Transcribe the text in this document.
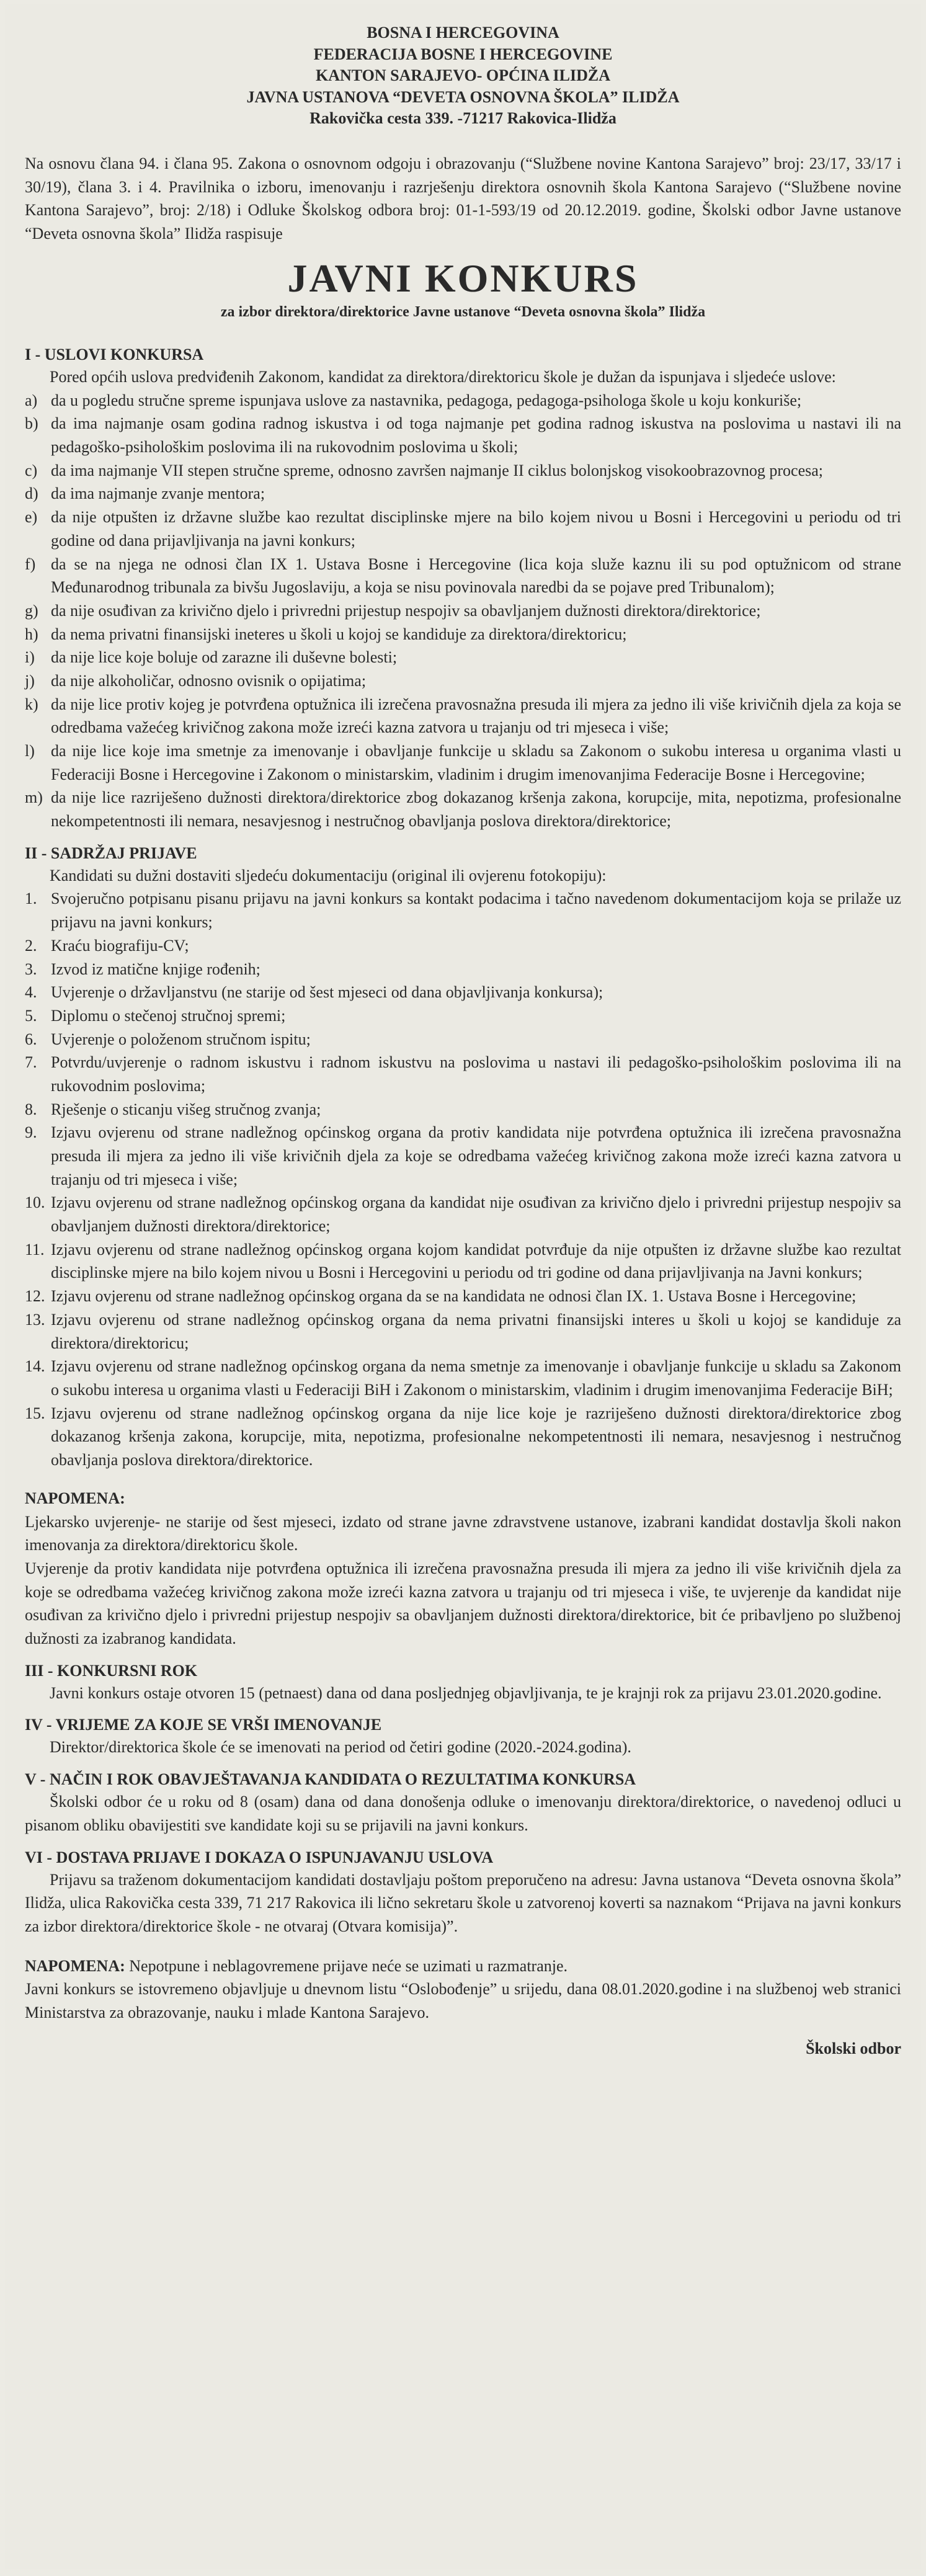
BOSNA I HERCEGOVINA
FEDERACIJA BOSNE I HERCEGOVINE
KANTON SARAJEVO- OPĆINA ILIDŽA
JAVNA USTANOVA “DEVETA OSNOVNA ŠKOLA” ILIDŽA
Rakovička cesta 339. -71217 Rakovica-Ilidža

Na osnovu člana 94. i člana 95. Zakona o osnovnom odgoju i obrazovanju (“Službene novine Kantona Sarajevo” broj: 23/17, 33/17 i 30/19), člana 3. i 4. Pravilnika o izboru, imenovanju i razrješenju direktora osnovnih škola Kantona Sarajevo (“Službene novine Kantona Sarajevo”, broj: 2/18) i Odluke Školskog odbora broj: 01-1-593/19 od 20.12.2019. godine, Školski odbor Javne ustanove “Deveta osnovna škola” Ilidža raspisuje

JAVNI KONKURS
za izbor direktora/direktorice Javne ustanove “Deveta osnovna škola” Ilidža
I - USLOVI KONKURSA

Pored općih uslova predviđenih Zakonom, kandidat za direktora/direktoricu škole je dužan da ispunjava i sljedeće uslove:

a) da u pogledu stručne spreme ispunjava uslove za nastavnika, pedagoga, pedagoga-psihologa škole u koju konkuriše;
b) da ima najmanje osam godina radnog iskustva i od toga najmanje pet godina radnog iskustva na poslovima u nastavi ili na pedagoško-psihološkim poslovima ili na rukovodnim poslovima u školi;
c) da ima najmanje VII stepen stručne spreme, odnosno završen najmanje II ciklus bolonjskog visokoobrazovnog procesa;
d) da ima najmanje zvanje mentora;
e) da nije otpušten iz državne službe kao rezultat disciplinske mjere na bilo kojem nivou u Bosni i Hercegovini u periodu od tri godine od dana prijavljivanja na javni konkurs;
f) da se na njega ne odnosi član IX 1. Ustava Bosne i Hercegovine (lica koja služe kaznu ili su pod optužnicom od strane Međunarodnog tribunala za bivšu Jugoslaviju, a koja se nisu povinovala naredbi da se pojave pred Tribunalom);
g) da nije osuđivan za krivično djelo i privredni prijestup nespojiv sa obavljanjem dužnosti direktora/direktorice;
h) da nema privatni finansijski ineteres u školi u kojoj se kandiduje za direktora/direktoricu;
i)	da nije lice koje boluje od zarazne ili duševne bolesti;
j)	da nije alkoholičar, odnosno ovisnik o opijatima;
k) da nije lice protiv kojeg je potvrđena optužnica ili izrečena pravosnažna presuda ili mjera za jedno ili više krivičnih djela za koja se odredbama važećeg krivičnog zakona može izreći kazna zatvora u trajanju od tri mjeseca i više;
l)	da nije lice koje ima smetnje za imenovanje i obavljanje funkcije u skladu sa Zakonom o sukobu interesa u organima vlasti u Federaciji Bosne i Hercegovine i Zakonom o ministarskim, vladinim i drugim imenovanjima Federacije Bosne i Hercegovine;
m) da nije lice razriješeno dužnosti direktora/direktorice zbog dokazanog kršenja zakona, korupcije, mita, nepotizma, profesionalne nekompetentnosti ili nemara, nesavjesnog i nestručnog obavljanja poslova direktora/direktorice;
II - SADRŽAJ PRIJAVE

Kandidati su dužni dostaviti sljedeću dokumentaciju (original ili ovjerenu fotokopiju):

1. Svojeručno potpisanu pisanu prijavu na javni konkurs sa kontakt podacima i tačno navedenom dokumentacijom koja se prilaže uz prijavu na javni konkurs;
2. Kraću biografiju-CV;
3. Izvod iz matične knjige rođenih;
4. Uvjerenje o državljanstvu (ne starije od šest mjeseci od dana objavljivanja konkursa);
5. Diplomu o stečenoj stručnoj spremi;
6. Uvjerenje o položenom stručnom ispitu;
7. Potvrdu/uvjerenje o radnom iskustvu i radnom iskustvu na poslovima u nastavi ili pedagoško-psihološkim poslovima ili na rukovodnim poslovima;
8. Rješenje o sticanju višeg stručnog zvanja;
9. Izjavu ovjerenu od strane nadležnog općinskog organa da protiv kandidata nije potvrđena optužnica ili izrečena pravosnažna presuda ili mjera za jedno ili više krivičnih djela za koje se odredbama važećeg krivičnog zakona može izreći kazna zatvora u trajanju od tri mjeseca i više;
10. Izjavu ovjerenu od strane nadležnog općinskog organa da kandidat nije osuđivan za krivično djelo i privredni prijestup nespojiv sa obavljanjem dužnosti direktora/direktorice;
11. Izjavu ovjerenu od strane nadležnog općinskog organa kojom kandidat potvrđuje da nije otpušten iz državne službe kao rezultat disciplinske mjere na bilo kojem nivou u Bosni i Hercegovini u periodu od tri godine od dana prijavljivanja na Javni konkurs;
12. Izjavu ovjerenu od strane nadležnog općinskog organa da se na kandidata ne odnosi član IX. 1. Ustava Bosne i Hercegovine;
13. Izjavu ovjerenu od strane nadležnog općinskog organa da nema privatni finansijski interes u školi u kojoj se kandiduje za direktora/direktoricu;
14. Izjavu ovjerenu od strane nadležnog općinskog organa da nema smetnje za imenovanje i obavljanje funkcije u skladu sa Zakonom o sukobu interesa u organima vlasti u Federaciji BiH i Zakonom o ministarskim, vladinim i drugim imenovanjima Federacije BiH;
15. Izjavu ovjerenu od strane nadležnog općinskog organa da nije lice koje je razriješeno dužnosti direktora/direktorice zbog dokazanog kršenja zakona, korupcije, mita, nepotizma, profesionalne nekompetentnosti ili nemara, nesavjesnog i nestručnog obavljanja poslova direktora/direktorice.
NAPOMENA:

Ljekarsko uvjerenje- ne starije od šest mjeseci, izdato od strane javne zdravstvene ustanove, izabrani kandidat dostavlja školi nakon imenovanja za direktora/direktoricu škole.

Uvjerenje da protiv kandidata nije potvrđena optužnica ili izrečena pravosnažna presuda ili mjera za jedno ili više krivičnih djela za koje se odredbama važećeg krivičnog zakona može izreći kazna zatvora u trajanju od tri mjeseca i više, te uvjerenje da kandidat nije osuđivan za krivično djelo i privredni prijestup nespojiv sa obavljanjem dužnosti direktora/direktorice, bit će pribavljeno po službenoj dužnosti za izabranog kandidata.

III - KONKURSNI ROK

Javni konkurs ostaje otvoren 15 (petnaest) dana od dana posljednjeg objavljivanja, te je krajnji rok za prijavu 23.01.2020.godine.

IV - VRIJEME ZA KOJE SE VRŠI IMENOVANJE

Direktor/direktorica škole će se imenovati na period od četiri godine (2020.-2024.godina).

V - NAČIN I ROK OBAVJEŠTAVANJA KANDIDATA O REZULTATIMA KONKURSA

Školski odbor će u roku od 8 (osam) dana od dana donošenja odluke o imenovanju direktora/direktorice, o navedenoj odluci u pisanom obliku obavijestiti sve kandidate koji su se prijavili na javni konkurs.

VI - DOSTAVA PRIJAVE I DOKAZA O ISPUNJAVANJU USLOVA

Prijavu sa traženom dokumentacijom kandidati dostavljaju poštom preporučeno na adresu: Javna ustanova “Deveta osnovna škola” Ilidža, ulica Rakovička cesta 339, 71 217 Rakovica ili lično sekretaru škole u zatvorenoj koverti sa naznakom “Prijava na javni konkurs za izbor direktora/direktorice škole - ne otvaraj (Otvara komisija)”.

NAPOMENA: Nepotpune i neblagovremene prijave neće se uzimati u razmatranje.

Javni konkurs se istovremeno objavljuje u dnevnom listu “Oslobođenje” u srijedu, dana 08.01.2020.godine i na službenoj web stranici Ministarstva za obrazovanje, nauku i mlade Kantona Sarajevo.

Školski odbor
